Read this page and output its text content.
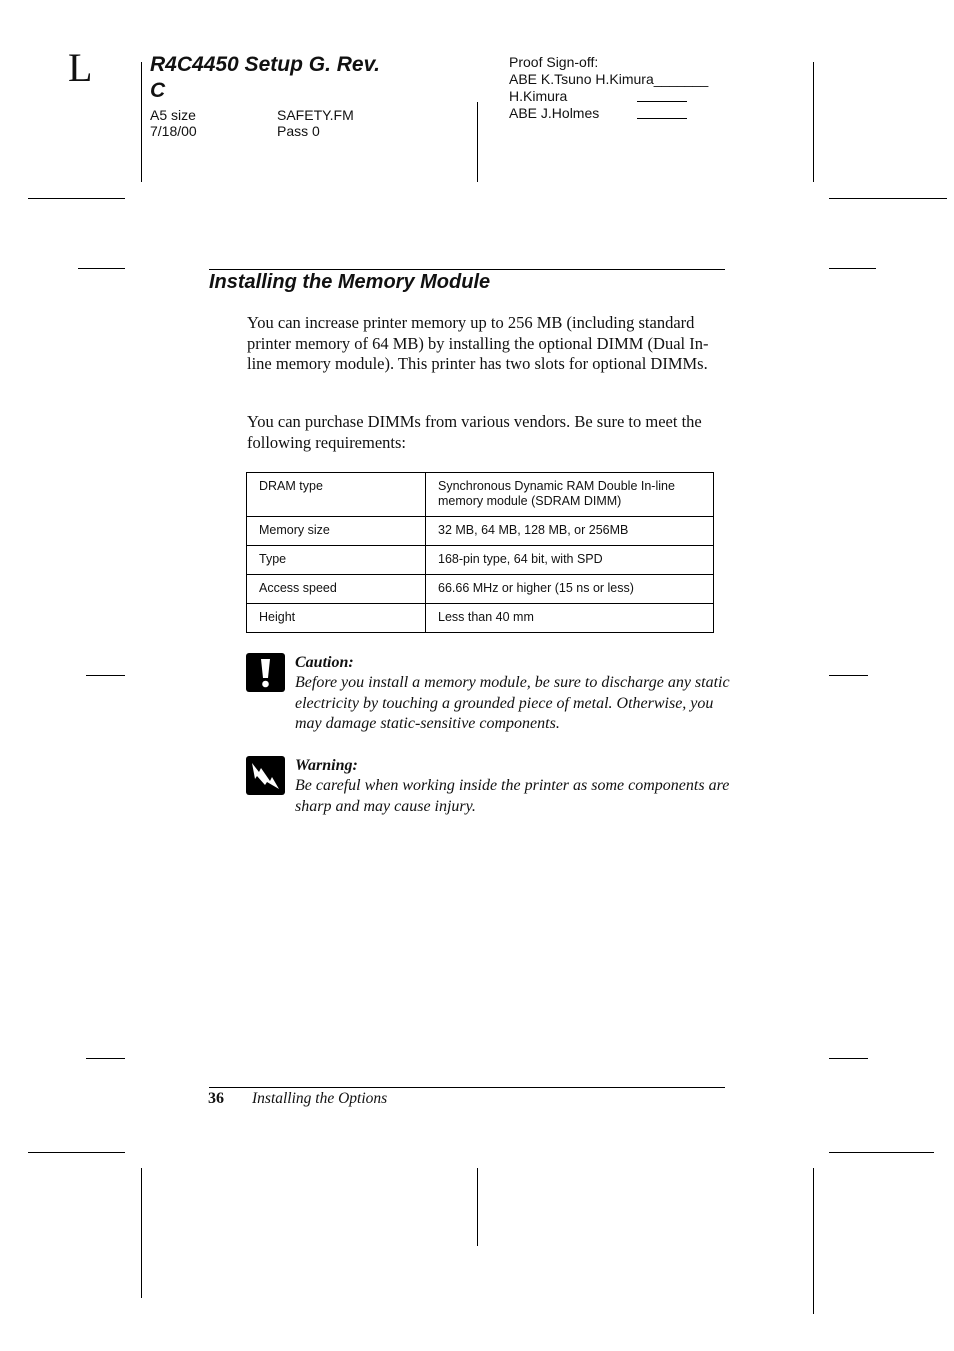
L	R4C4450 Setup G. Rev. C
A5 size	SAFETY.FM
7/18/00	Pass 0
Proof Sign-off:
ABE K.Tsuno H.Kimura_______
H.Kimura
ABE J.Holmes
Installing the Memory Module
You can increase printer memory up to 256 MB (including standard printer memory of 64 MB) by installing the optional DIMM (Dual In-line memory module). This printer has two slots for optional DIMMs.
You can purchase DIMMs from various vendors. Be sure to meet the following requirements:
DRAM type	Synchronous Dynamic RAM Double In-line memory module (SDRAM DIMM)
Memory size	32 MB, 64 MB, 128 MB, or 256MB
Type	168-pin type, 64 bit, with SPD
Access speed	66.66 MHz or higher (15 ns or less)
Height	Less than 40 mm
Caution:
Before you install a memory module, be sure to discharge any static electricity by touching a grounded piece of metal. Otherwise, you may damage static-sensitive components.
Warning:
Be careful when working inside the printer as some components are sharp and may cause injury.
36 Installing the Options
